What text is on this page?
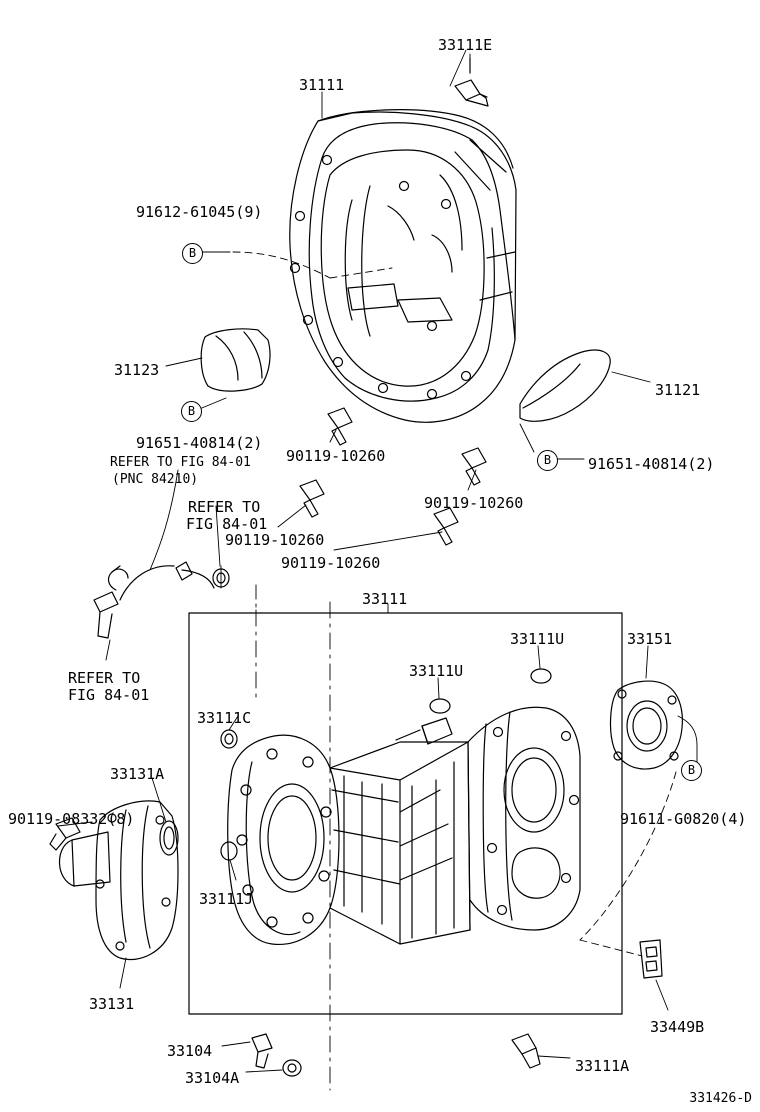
33111E
31111
91612-61045(9)
31123
31121
91651-40814(2)
REFER TO FIG 84-01
(PNC 84210)
90119-10260	91651-40814(2)
REFER TO
FIG 84-01
90119-10260
90119-10260
90119-10260
33111
33111U	33151
33111U
REFER TO
FIG 84-01
33111C
33131A
91611-G0820(4)
90119-08332(8)
33111J
33131
33449B
33104
33111A
33104A
B
B
B
B
331426-D
